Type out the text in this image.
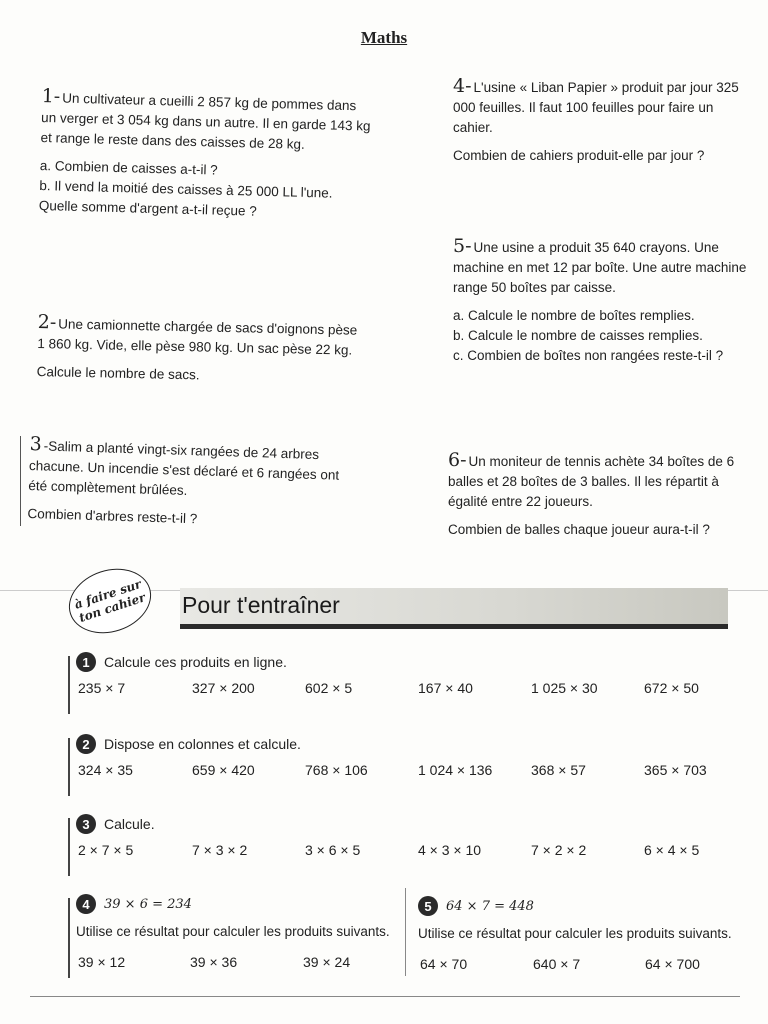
Maths

1-Un cultivateur a cueilli 2 857 kg de pommes dans un verger et 3 054 kg dans un autre. Il en garde 143 kg et range le reste dans des caisses de 28 kg.

a. Combien de caisses a-t-il ?

b. Il vend la moitié des caisses à 25 000 LL l'une.

Quelle somme d'argent a-t-il reçue ?

2- Une camionnette chargée de sacs d'oignons pèse 1 860 kg. Vide, elle pèse 980 kg. Un sac pèse 22 kg.

Calcule le nombre de sacs.

3-Salim a planté vingt-six rangées de 24 arbres chacune. Un incendie s'est déclaré et 6 rangées ont été complètement brûlées.

Combien d'arbres reste-t-il ?

4- L'usine « Liban Papier » produit par jour 325 000 feuilles. Il faut 100 feuilles pour faire un cahier.

Combien de cahiers produit-elle par jour ?

5- Une usine a produit 35 640 crayons. Une machine en met 12 par boîte. Une autre machine range 50 boîtes par caisse.

a. Calcule le nombre de boîtes remplies.

b. Calcule le nombre de caisses remplies.

c. Combien de boîtes non rangées reste-t-il ?

6- Un moniteur de tennis achète 34 boîtes de 6 balles et 28 boîtes de 3 balles. Il les répartit à égalité entre 22 joueurs.

Combien de balles chaque joueur aura-t-il ?

à faire sur ton cahier	Pour t'entraîner
1	Calcule ces produits en ligne.
235 × 7	327 × 200	602 × 5	167 × 40	1 025 × 30	672 × 50
2	Dispose en colonnes et calcule.
324 × 35	659 × 420	768 × 106	1 024 × 136	368 × 57	365 × 703
3	Calcule.
2 × 7 × 5	7 × 3 × 2	3 × 6 × 5	4 × 3 × 10	7 × 2 × 2	6 × 4 × 5
4	39 × 6 = 234
Utilise ce résultat pour calculer les produits suivants.
39 × 12	39 × 36	39 × 24
5	64 × 7 = 448
Utilise ce résultat pour calculer les produits suivants.
64 × 70	640 × 7	64 × 700
